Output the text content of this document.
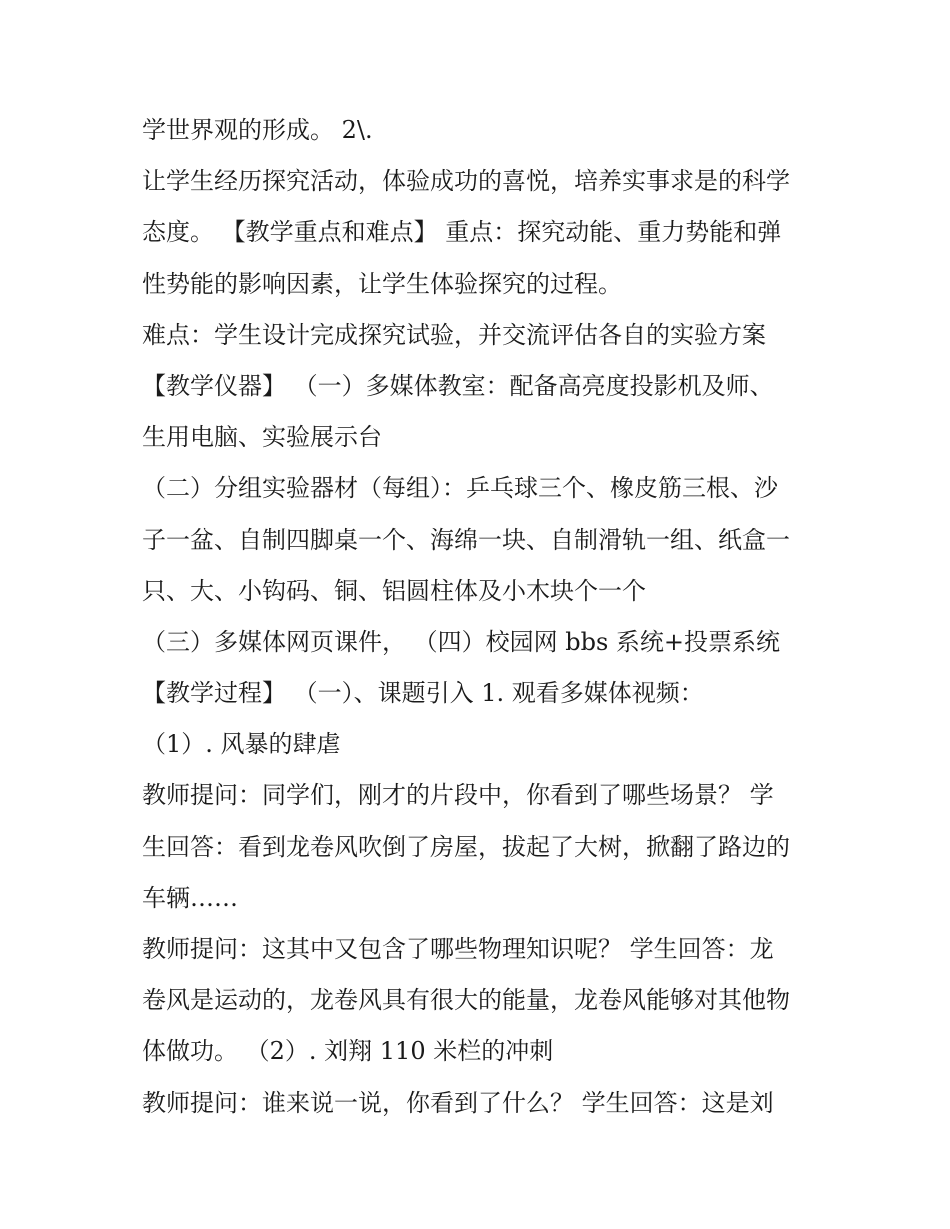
学世界观的形成。 2\.
让学生经历探究活动，体验成功的喜悦，培养实事求是的科学
态度。 【教学重点和难点】 重点：探究动能、重力势能和弹
性势能的影响因素，让学生体验探究的过程。
难点：学生设计完成探究试验，并交流评估各自的实验方案
【教学仪器】 （一）多媒体教室：配备高亮度投影机及师、
生用电脑、实验展示台
（二）分组实验器材（每组）：乒乓球三个、橡皮筋三根、沙
子一盆、自制四脚桌一个、海绵一块、自制滑轨一组、纸盒一
只、大、小钩码、铜、铝圆柱体及小木块个一个
（三）多媒体网页课件， （四）校园网 bbs 系统+投票系统
【教学过程】 （一）、课题引入 1. 观看多媒体视频：
（1）. 风暴的肆虐
教师提问：同学们，刚才的片段中，你看到了哪些场景？ 学
生回答：看到龙卷风吹倒了房屋，拔起了大树，掀翻了路边的
车辆……
教师提问：这其中又包含了哪些物理知识呢？ 学生回答：龙
卷风是运动的，龙卷风具有很大的能量，龙卷风能够对其他物
体做功。 （2）. 刘翔 110 米栏的冲刺
教师提问：谁来说一说，你看到了什么？ 学生回答：这是刘
